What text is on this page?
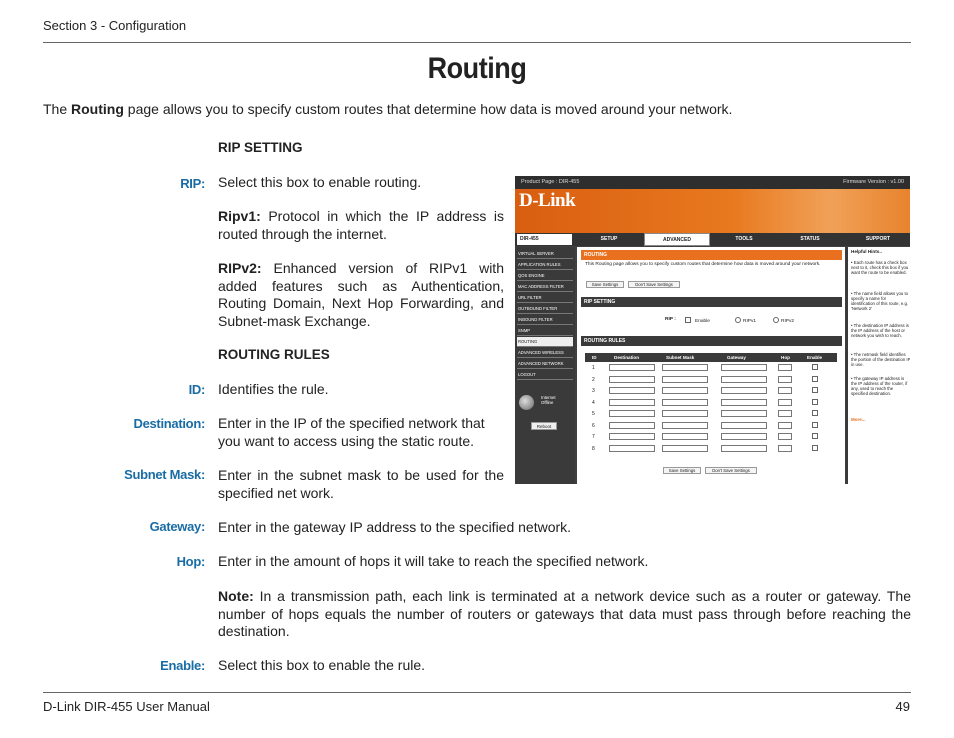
Section 3 - Configuration
Routing
The Routing page allows you to specify custom routes that determine how data is moved around your network.
RIP SETTING
RIP: Select this box to enable routing.
Ripv1: Protocol in which the IP address is routed through the internet.
RIPv2: Enhanced version of RIPv1 with added features such as Authentication, Routing Domain, Next Hop Forwarding, and Subnet-mask Exchange.
ROUTING RULES
ID: Identifies the rule.
Destination: Enter in the IP of the specified network that you want to access using the static route.
Subnet Mask: Enter in the subnet mask to be used for the specified net work.
Gateway: Enter in the gateway IP address to the specified network.
Hop: Enter in the amount of hops it will take to reach the specified network.
Note: In a transmission path, each link is terminated at a network device such as a router or gateway. The number of hops equals the number of routers or gateways that data must pass through before reaching the destination.
Enable: Select this box to enable the rule.
Product Page : DIR-455	Firmware Version : v1.00
D-Link
DIR-455	SETUP	ADVANCED	TOOLS	STATUS	SUPPORT
VIRTUAL SERVER
APPLICATION RULES
QOS ENGINE
MAC ADDRESS FILTER
URL FILTER
OUTBOUND FILTER
INBOUND FILTER
SNMP
ROUTING
ADVANCED WIRELESS
ADVANCED NETWORK
LOGOUT
Internet
Offline
Reboot
ROUTING
This Routing page allows you to specify custom routes that determine how data is moved around your network.
Save Settings	Don't Save Settings
RIP SETTING
RIP :	Enable	RIPv1	RIPv2
ROUTING RULES
ID	Destination	Subnet Mask	Gateway	Hop	Enable
1
2
3
4
5
6
7
8
Save Settings	Don't Save Settings
Helpful Hints..
• Each route has a check box next to it, check this box if you want the route to be enabled.
• The name field allows you to specify a name for identification of this route, e.g. 'Network 2'
• The destination IP address is the IP address of the host or network you wish to reach.
• The netmask field identifies the portion of the destination IP in use.
• The gateway IP address is the IP address of the router, if any, used to reach the specified destination.
More...
D-Link DIR-455 User Manual	49
